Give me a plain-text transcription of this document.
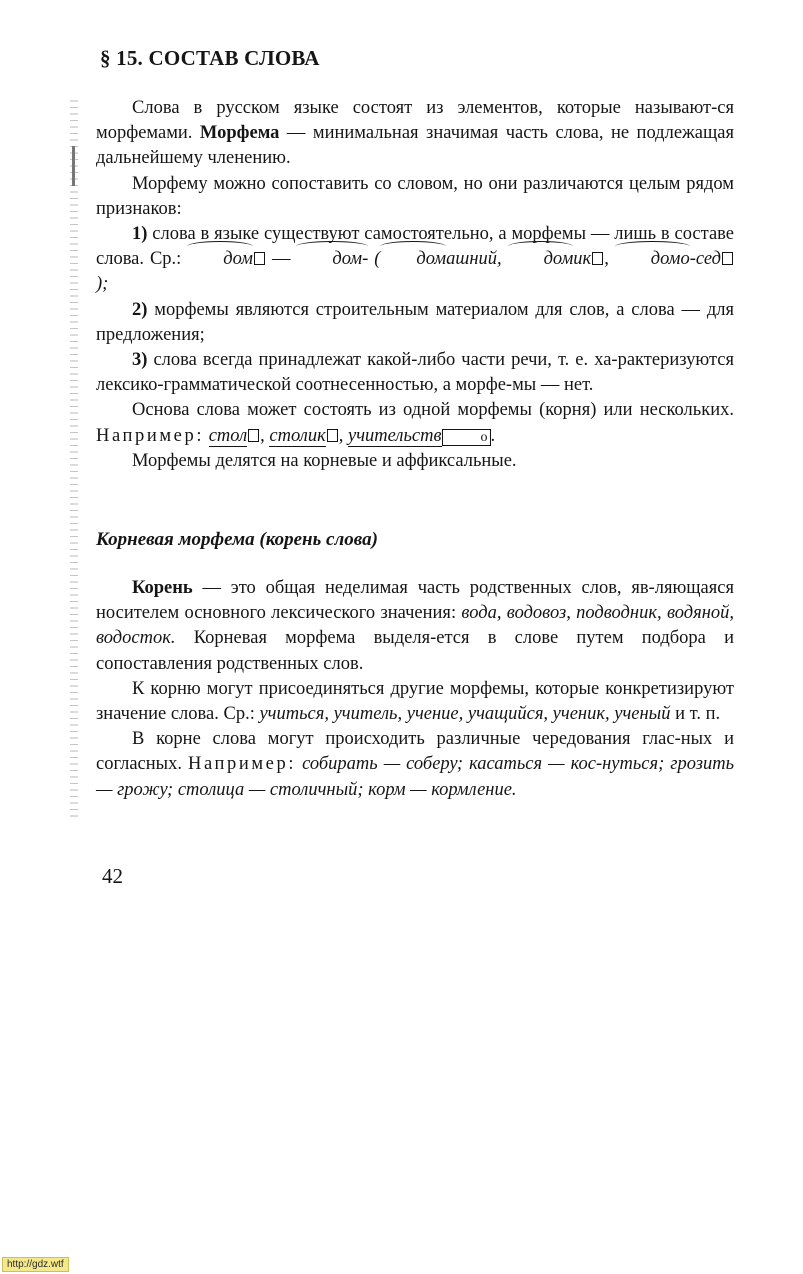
§ 15. СОСТАВ СЛОВА

Слова в русском языке состоят из элементов, которые называют-ся морфемами. Морфема — минимальная значимая часть слова, не подлежащая дальнейшему членению.

Морфему можно сопоставить со словом, но они различаются целым рядом признаков:

1) слова в языке существуют самостоятельно, а морфемы — лишь в составе слова. Ср.: дом — дом- ( домашний, домик , домо-сед);

2) морфемы являются строительным материалом для слов, а слова — для предложения;

3) слова всегда принадлежат какой-либо части речи, т. е. ха-рактеризуются лексико-грамматической соотнесенностью, а морфе-мы — нет.

Основа слова может состоять из одной морфемы (корня) или нескольких. Например: стол , столик , учительств	о .

Морфемы делятся на корневые и аффиксальные.

Корневая морфема (корень слова)

Корень — это общая неделимая часть родственных слов, яв-ляющаяся носителем основного лексического значения: вода, водовоз, подводник, водяной, водосток. Корневая морфема выделя-ется в слове путем подбора и сопоставления родственных слов.

К корню могут присоединяться другие морфемы, которые конкретизируют значение слова. Ср.: учиться, учитель, учение, учащийся, ученик, ученый и т. п.

В корне слова могут происходить различные чередования глас-ных и согласных. Например: собирать — соберу; касаться — кос-нуться; грозить — грожу; столица — столичный; корм — кормление.

42
http://gdz.wtf
